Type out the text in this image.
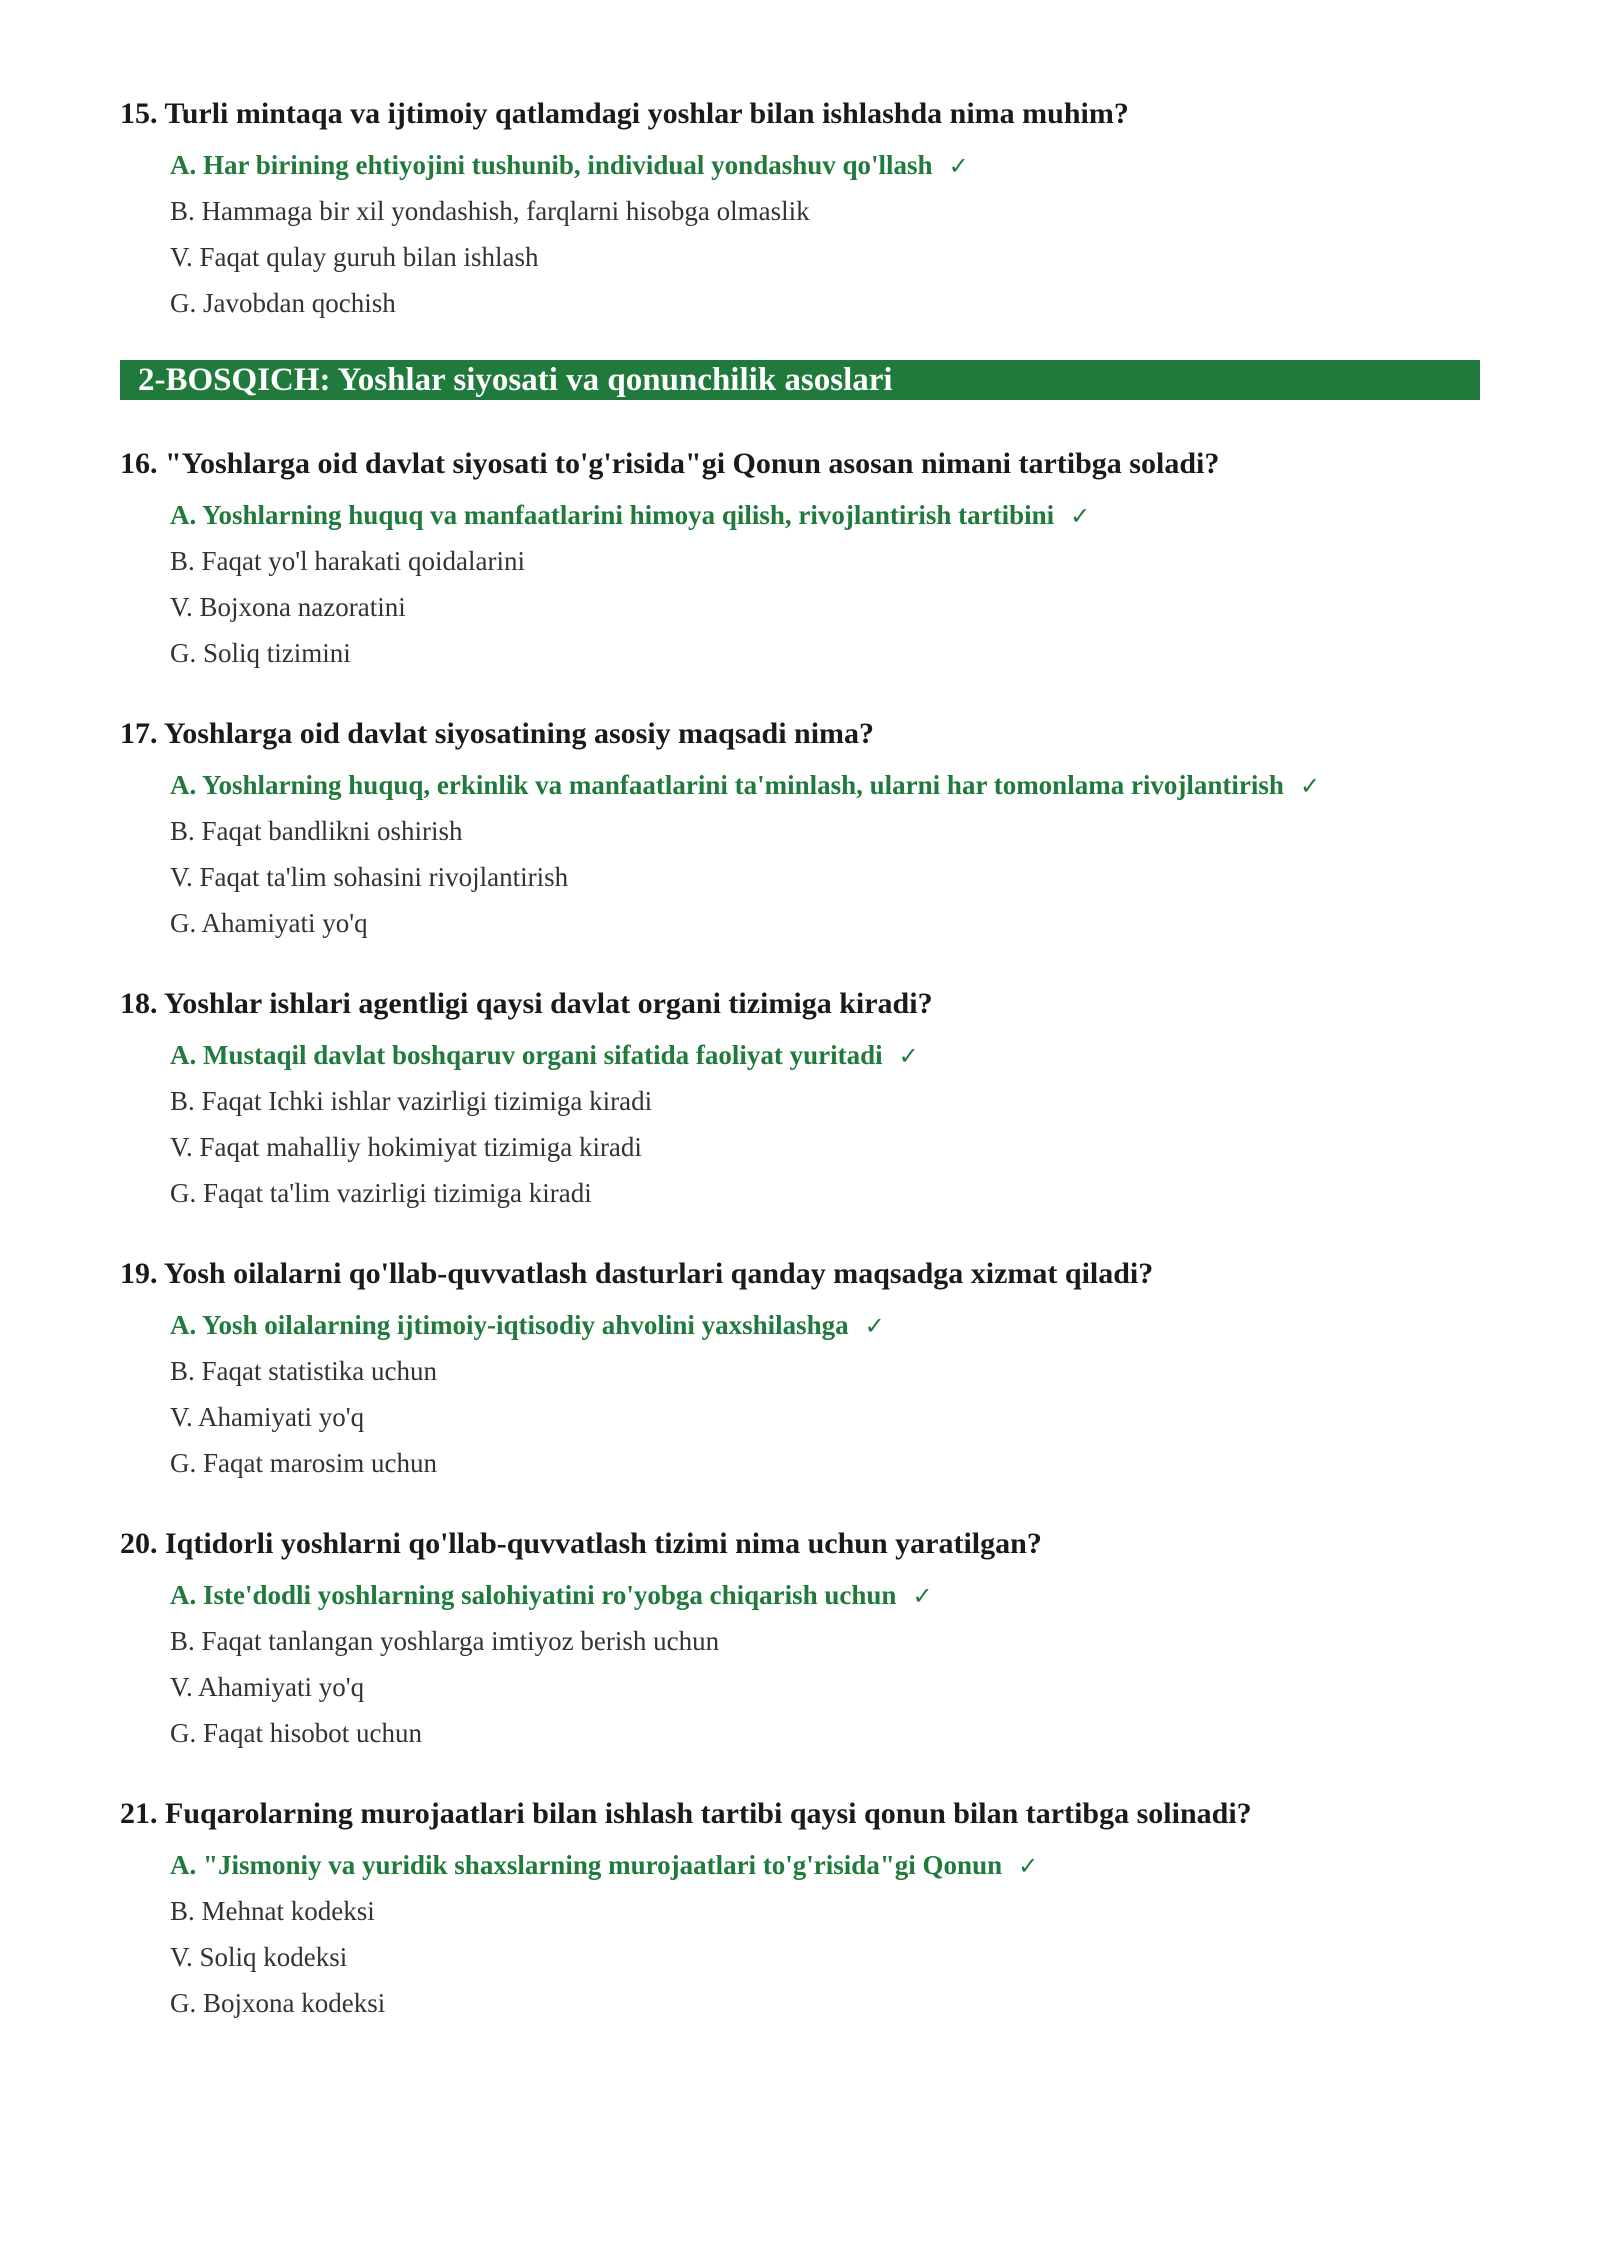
15. Turli mintaqa va ijtimoiy qatlamdagi yoshlar bilan ishlashda nima muhim?

A. Har birining ehtiyojini tushunib, individual yondashuv qo'llash ✓
B. Hammaga bir xil yondashish, farqlarni hisobga olmaslik
V. Faqat qulay guruh bilan ishlash
G. Javobdan qochish
2-BOSQICH: Yoshlar siyosati va qonunchilik asoslari

16. "Yoshlarga oid davlat siyosati to'g'risida"gi Qonun asosan nimani tartibga soladi?

A. Yoshlarning huquq va manfaatlarini himoya qilish, rivojlantirish tartibini ✓
B. Faqat yo'l harakati qoidalarini
V. Bojxona nazoratini
G. Soliq tizimini

17. Yoshlarga oid davlat siyosatining asosiy maqsadi nima?

A. Yoshlarning huquq, erkinlik va manfaatlarini ta'minlash, ularni har tomonlama rivojlantirish ✓
B. Faqat bandlikni oshirish
V. Faqat ta'lim sohasini rivojlantirish
G. Ahamiyati yo'q

18. Yoshlar ishlari agentligi qaysi davlat organi tizimiga kiradi?

A. Mustaqil davlat boshqaruv organi sifatida faoliyat yuritadi ✓
B. Faqat Ichki ishlar vazirligi tizimiga kiradi
V. Faqat mahalliy hokimiyat tizimiga kiradi
G. Faqat ta'lim vazirligi tizimiga kiradi

19. Yosh oilalarni qo'llab-quvvatlash dasturlari qanday maqsadga xizmat qiladi?

A. Yosh oilalarning ijtimoiy-iqtisodiy ahvolini yaxshilashga ✓
B. Faqat statistika uchun
V. Ahamiyati yo'q
G. Faqat marosim uchun

20. Iqtidorli yoshlarni qo'llab-quvvatlash tizimi nima uchun yaratilgan?

A. Iste'dodli yoshlarning salohiyatini ro'yobga chiqarish uchun ✓
B. Faqat tanlangan yoshlarga imtiyoz berish uchun
V. Ahamiyati yo'q
G. Faqat hisobot uchun

21. Fuqarolarning murojaatlari bilan ishlash tartibi qaysi qonun bilan tartibga solinadi?

A. "Jismoniy va yuridik shaxslarning murojaatlari to'g'risida"gi Qonun ✓
B. Mehnat kodeksi
V. Soliq kodeksi
G. Bojxona kodeksi
